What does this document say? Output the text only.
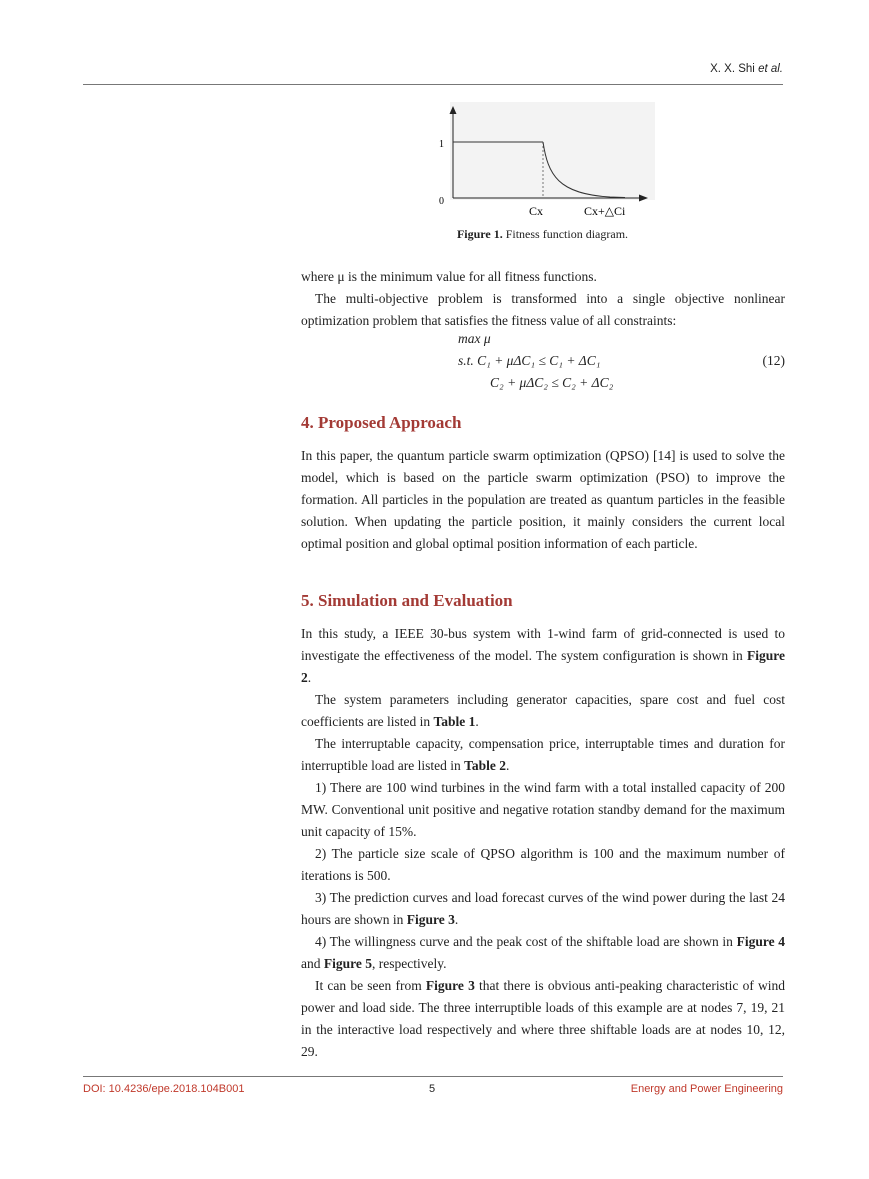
X. X. Shi et al.
1
0
Cx	Cx+△Ci
Figure 1. Fitness function diagram.

where μ is the minimum value for all fitness functions.

The multi-objective problem is transformed into a single objective nonlinear optimization problem that satisfies the fitness value of all constraints:

max μ
s.t. C₁ + μΔC₁ ≤ C₁ + ΔC₁
C₂ + μΔC₂ ≤ C₂ + ΔC₂
(12)
4. Proposed Approach

In this paper, the quantum particle swarm optimization (QPSO) [14] is used to solve the model, which is based on the particle swarm optimization (PSO) to improve the formation. All particles in the population are treated as quantum particles in the feasible solution. When updating the particle position, it mainly considers the current local optimal position and global optimal position information of each particle.

5. Simulation and Evaluation

In this study, a IEEE 30-bus system with 1-wind farm of grid-connected is used to investigate the effectiveness of the model. The system configuration is shown in Figure 2.

The system parameters including generator capacities, spare cost and fuel cost coefficients are listed in Table 1.

The interruptable capacity, compensation price, interruptable times and duration for interruptible load are listed in Table 2.

1) There are 100 wind turbines in the wind farm with a total installed capacity of 200 MW. Conventional unit positive and negative rotation standby demand for the maximum unit capacity of 15%.

2) The particle size scale of QPSO algorithm is 100 and the maximum number of iterations is 500.

3) The prediction curves and load forecast curves of the wind power during the last 24 hours are shown in Figure 3.

4) The willingness curve and the peak cost of the shiftable load are shown in Figure 4 and Figure 5, respectively.

It can be seen from Figure 3 that there is obvious anti-peaking characteristic of wind power and load side. The three interruptible loads of this example are at nodes 7, 19, 21 in the interactive load respectively and where three shiftable loads are at nodes 10, 12, 29.

DOI: 10.4236/epe.2018.104B001	5	Energy and Power Engineering
